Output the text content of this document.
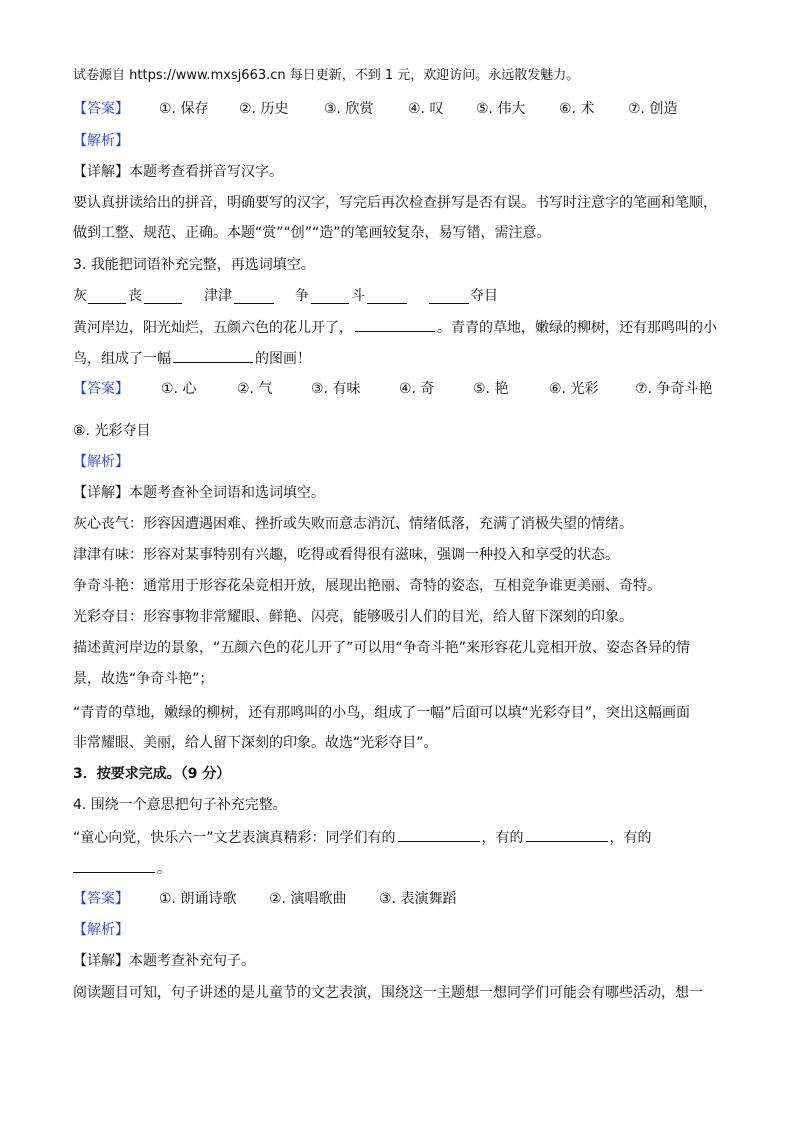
试卷源自 https://www.mxsj663.cn 每日更新，不到 1 元，欢迎访问。永远散发魅力。
【答案】 ①. 保存 ②. 历史	③. 欣赏 ④. 叹 ⑤. 伟大 ⑥. 术 ⑦. 创造
【解析】
【详解】本题考查看拼音写汉字。
要认真拼读给出的拼音，明确要写的汉字，写完后再次检查拼写是否有误。书写时注意字的笔画和笔顺，
做到工整、规范、正确。本题“赏”“创”“造”的笔画较复杂，易写错，需注意。
3. 我能把词语补充完整，再选词填空。
灰	丧	津津	争	斗	夺目
黄河岸边，阳光灿烂，五颜六色的花儿开了，	。青青的草地，嫩绿的柳树，还有那鸣叫的小
鸟，组成了一幅	的图画！
【答案】 ①. 心	②. 气	③. 有味	④. 奇	⑤. 艳	⑥. 光彩	⑦. 争奇斗艳
⑧. 光彩夺目
【解析】
【详解】本题考查补全词语和选词填空。
灰心丧气：形容因遭遇困难、挫折或失败而意志消沉、情绪低落，充满了消极失望的情绪。
津津有味：形容对某事特别有兴趣，吃得或看得很有滋味，强调一种投入和享受的状态。
争奇斗艳：通常用于形容花朵竞相开放，展现出艳丽、奇特的姿态，互相竞争谁更美丽、奇特。
光彩夺目：形容事物非常耀眼、鲜艳、闪亮，能够吸引人们的目光，给人留下深刻的印象。
描述黄河岸边的景象，“五颜六色的花儿开了”可以用“争奇斗艳”来形容花儿竞相开放、姿态各异的情
景，故选“争奇斗艳”；
“青青的草地，嫩绿的柳树，还有那鸣叫的小鸟，组成了一幅”后面可以填“光彩夺目”，突出这幅画面
非常耀眼、美丽，给人留下深刻的印象。故选“光彩夺目”。
3．按要求完成。（9 分）
4. 围绕一个意思把句子补充完整。
“童心向党，快乐六一”文艺表演真精彩：同学们有的	，有的	，有的
。
【答案】 ①. 朗诵诗歌 ②. 演唱歌曲 ③. 表演舞蹈
【解析】
【详解】本题考查补充句子。
阅读题目可知，句子讲述的是儿童节的文艺表演，围绕这一主题想一想同学们可能会有哪些活动，想一
